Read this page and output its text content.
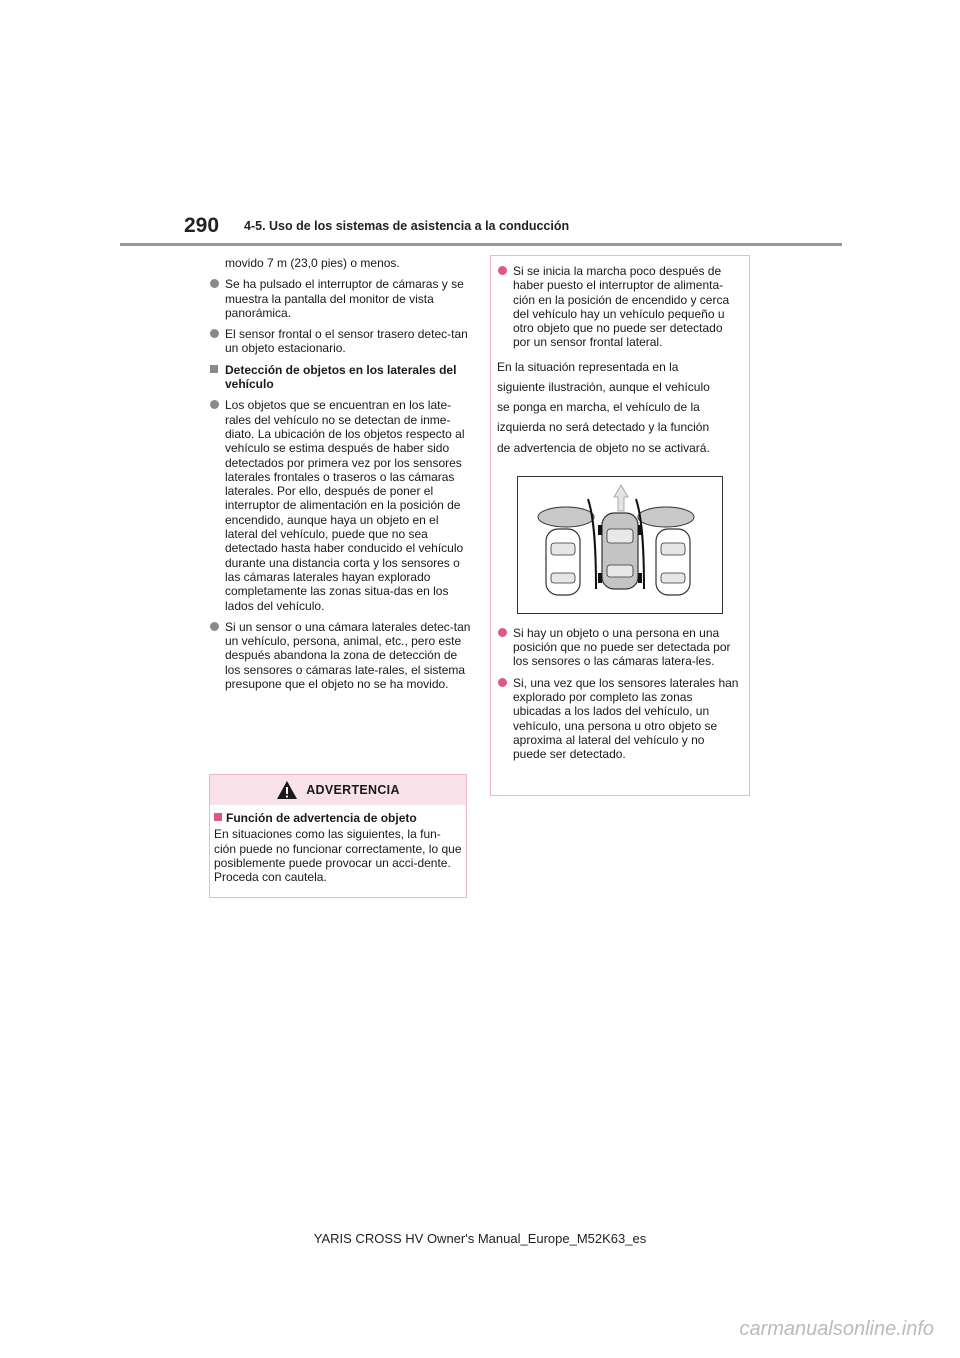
290 4-5. Uso de los sistemas de asistencia a la conducción

movido 7 m (23,0 pies) o menos.

Se ha pulsado el interruptor de cámaras y se muestra la pantalla del monitor de vista panorámica.

El sensor frontal o el sensor trasero detec-tan un objeto estacionario.

Detección de objetos en los laterales del vehículo

Los objetos que se encuentran en los late-rales del vehículo no se detectan de inme-diato. La ubicación de los objetos respecto al vehículo se estima después de haber sido detectados por primera vez por los sensores laterales frontales o traseros o las cámaras laterales. Por ello, después de poner el interruptor de alimentación en la posición de encendido, aunque haya un objeto en el lateral del vehículo, puede que no sea detectado hasta haber conducido el vehículo durante una distancia corta y los sensores o las cámaras laterales hayan explorado completamente las zonas situa-das en los lados del vehículo.

Si un sensor o una cámara laterales detec-tan un vehículo, persona, animal, etc., pero este después abandona la zona de detección de los sensores o cámaras late-rales, el sistema presupone que el objeto no se ha movido.

ADVERTENCIA

Función de advertencia de objeto

En situaciones como las siguientes, la fun-ción puede no funcionar correctamente, lo que posiblemente puede provocar un acci-dente. Proceda con cautela.

Si se inicia la marcha poco después de haber puesto el interruptor de alimenta-ción en la posición de encendido y cerca del vehículo hay un vehículo pequeño u otro objeto que no puede ser detectado por un sensor frontal lateral.

En la situación representada en la

siguiente ilustración, aunque el vehículo

se ponga en marcha, el vehículo de la

izquierda no será detectado y la función

de advertencia de objeto no se activará.

Si hay un objeto o una persona en una posición que no puede ser detectada por los sensores o las cámaras latera-les.

Si, una vez que los sensores laterales han explorado por completo las zonas ubicadas a los lados del vehículo, un vehículo, una persona u otro objeto se aproxima al lateral del vehículo y no puede ser detectado.

YARIS CROSS HV Owner's Manual_Europe_M52K63_es
carmanualsonline.info
